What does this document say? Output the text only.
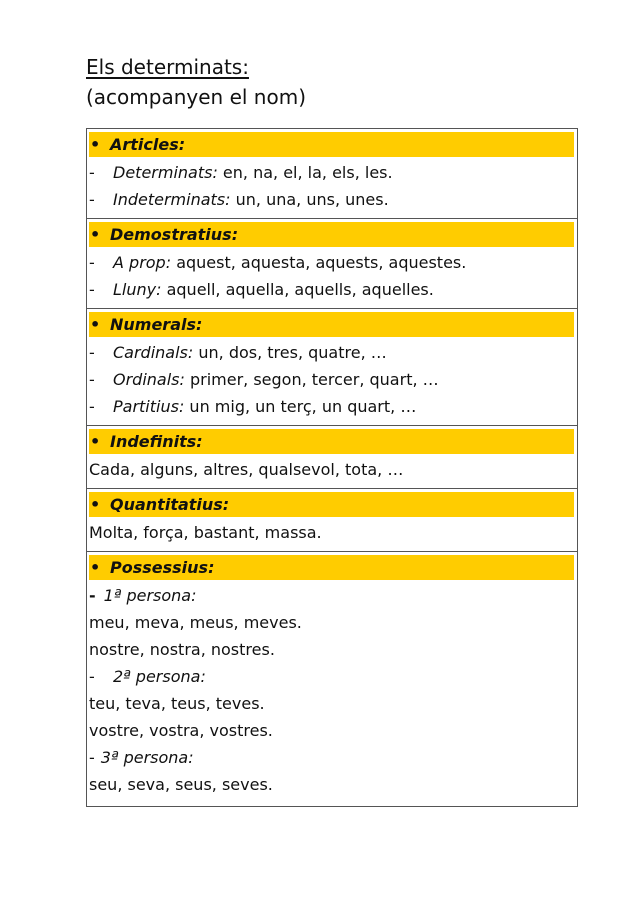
Els determinats:
(acompanyen el nom)
• Articles:
- Determinats: en, na, el, la, els, les.
- Indeterminats: un, una, uns, unes.
• Demostratius:
- A prop: aquest, aquesta, aquests, aquestes.
- Lluny: aquell, aquella, aquells, aquelles.
• Numerals:
- Cardinals: un, dos, tres, quatre, …
- Ordinals: primer, segon, tercer, quart, …
- Partitius: un mig, un terç, un quart, …
• Indefinits:
Cada, alguns, altres, qualsevol, tota, …
• Quantitatius:
Molta, força, bastant, massa.
• Possessius:
- 1ª persona:
meu, meva, meus, meves.
nostre, nostra, nostres.
- 2ª persona:
teu, teva, teus, teves.
vostre, vostra, vostres.
- 3ª persona:
seu, seva, seus, seves.
